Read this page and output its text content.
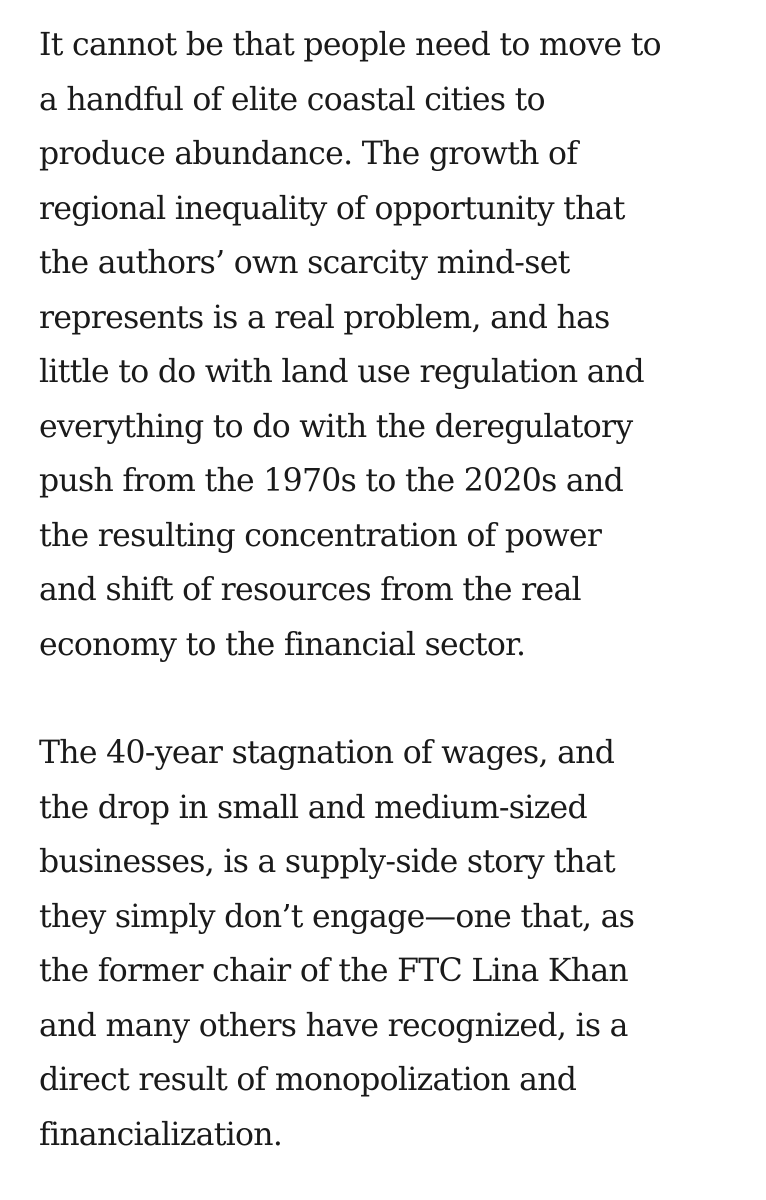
It cannot be that people need to move to
a handful of elite coastal cities to
produce abundance. The growth of
regional inequality of opportunity that
the authors’ own scarcity mind-set
represents is a real problem, and has
little to do with land use regulation and
everything to do with the deregulatory
push from the 1970s to the 2020s and
the resulting concentration of power
and shift of resources from the real
economy to the financial sector.
The 40-year stagnation of wages, and
the drop in small and medium-sized
businesses, is a supply-side story that
they simply don’t engage—one that, as
the former chair of the FTC Lina Khan
and many others have recognized, is a
direct result of monopolization and
financialization.
